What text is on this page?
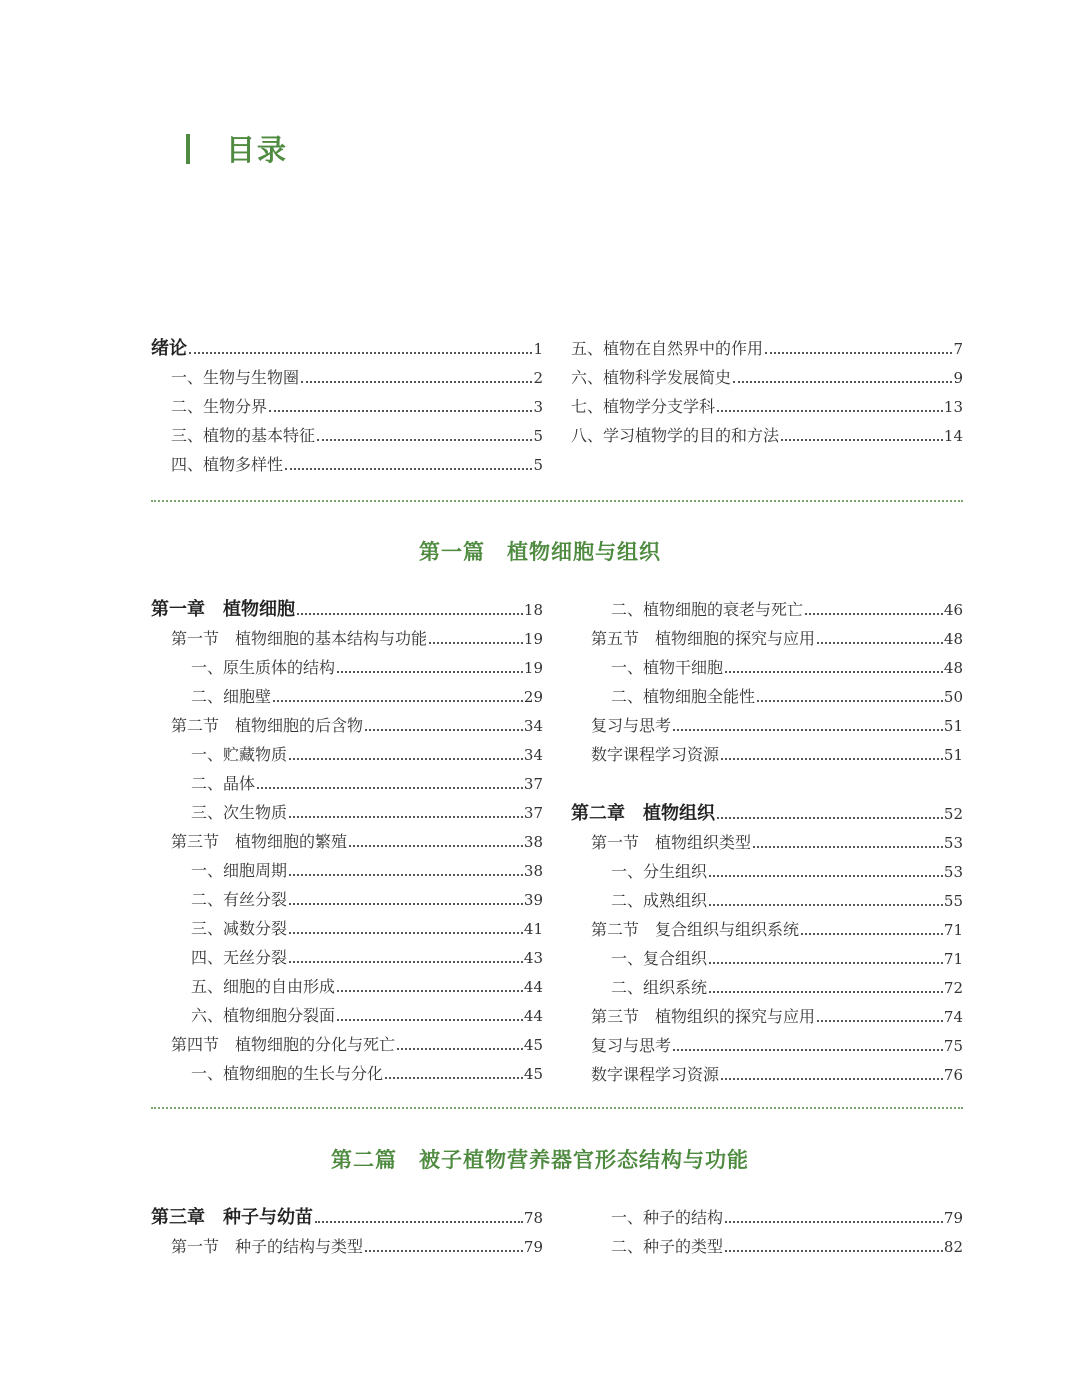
目录
绪论	1
一、生物与生物圈	2
二、生物分界	3
三、植物的基本特征	5
四、植物多样性	5
五、植物在自然界中的作用	7
六、植物科学发展简史	9
七、植物学分支学科	13
八、学习植物学的目的和方法	14
第一篇　植物细胞与组织
第一章　植物细胞	18
第一节　植物细胞的基本结构与功能	19
一、原生质体的结构	19
二、细胞壁	29
第二节　植物细胞的后含物	34
一、贮藏物质	34
二、晶体	37
三、次生物质	37
第三节　植物细胞的繁殖	38
一、细胞周期	38
二、有丝分裂	39
三、减数分裂	41
四、无丝分裂	43
五、细胞的自由形成	44
六、植物细胞分裂面	44
第四节　植物细胞的分化与死亡	45
一、植物细胞的生长与分化	45
二、植物细胞的衰老与死亡	46
第五节　植物细胞的探究与应用	48
一、植物干细胞	48
二、植物细胞全能性	50
复习与思考	51
数字课程学习资源	51
第二章　植物组织	52
第一节　植物组织类型	53
一、分生组织	53
二、成熟组织	55
第二节　复合组织与组织系统	71
一、复合组织	71
二、组织系统	72
第三节　植物组织的探究与应用	74
复习与思考	75
数字课程学习资源	76
第二篇　被子植物营养器官形态结构与功能
第三章　种子与幼苗	78
第一节　种子的结构与类型	79
一、种子的结构	79
二、种子的类型	82
